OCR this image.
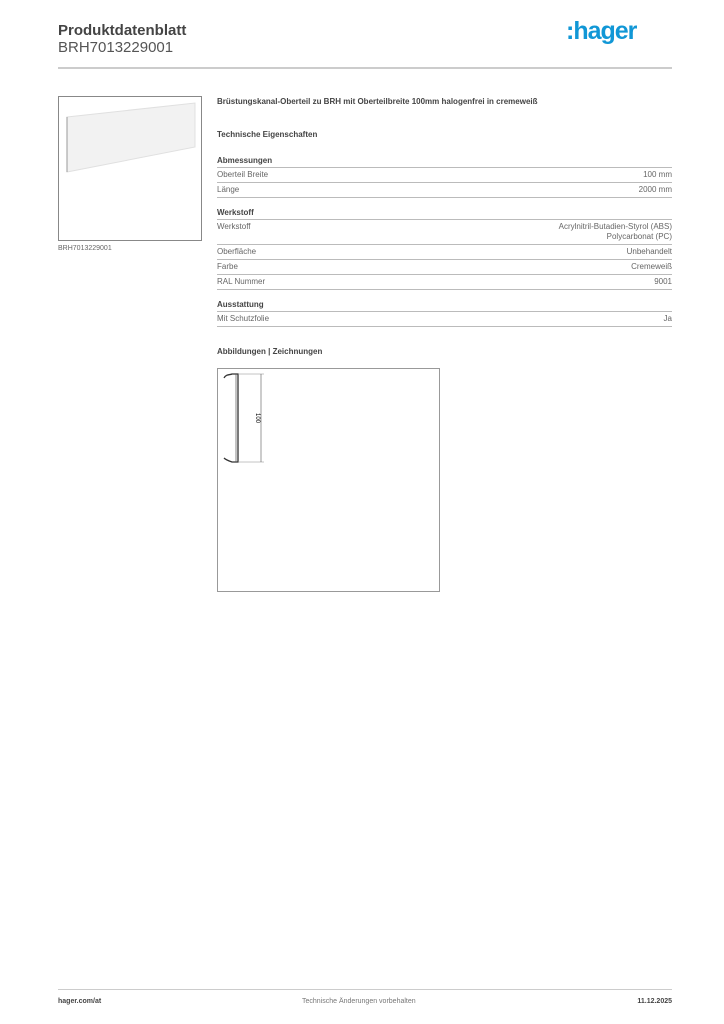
Produktdatenblatt
BRH7013229001
:hager
BRH7013229001
Brüstungskanal-Oberteil zu BRH mit Oberteilbreite 100mm halogenfrei in cremeweiß
Technische Eigenschaften
Abmessungen
Oberteil Breite	100 mm
Länge	2000 mm
Werkstoff
Werkstoff	Acrylnitril-Butadien-Styrol (ABS)
Polycarbonat (PC)
Oberfläche	Unbehandelt
Farbe	Cremeweiß
RAL Nummer	9001
Ausstattung
Mit Schutzfolie	Ja
Abbildungen | Zeichnungen
100
hager.com/at	Technische Änderungen vorbehalten	11.12.2025
